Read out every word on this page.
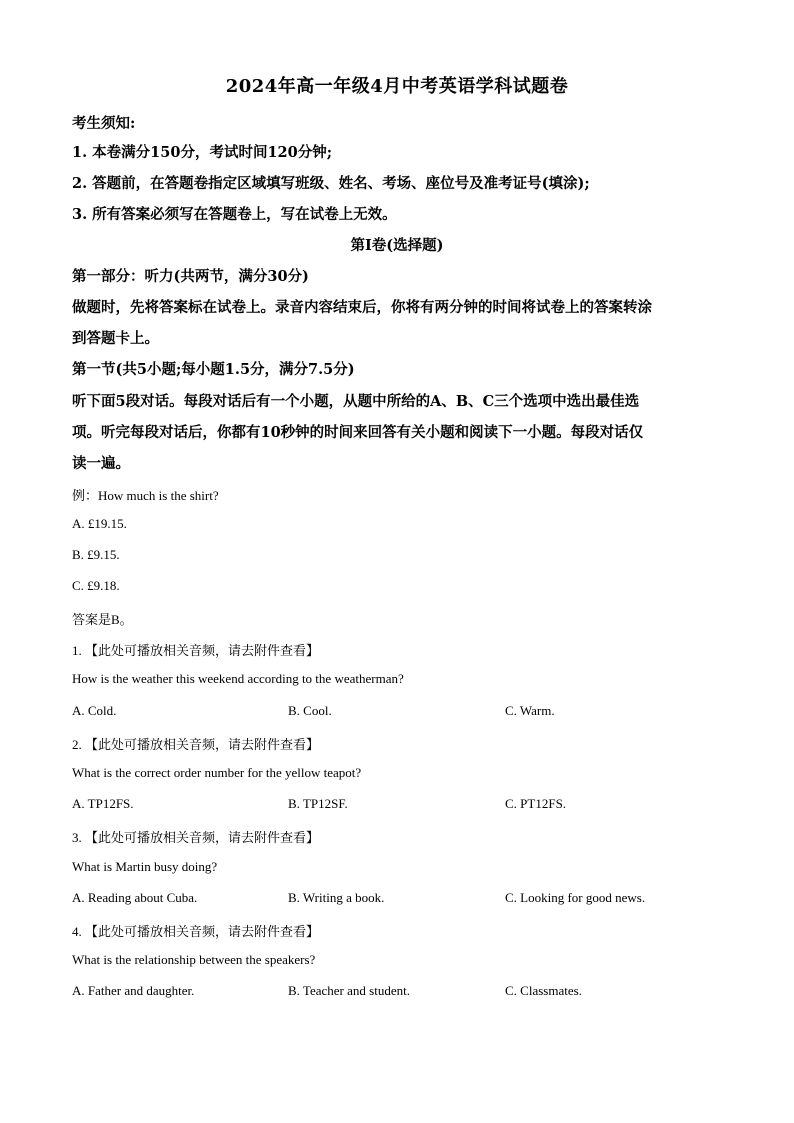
2024年高一年级4月中考英语学科试题卷
考生须知:
1. 本卷满分150分，考试时间120分钟;
2. 答题前，在答题卷指定区域填写班级、姓名、考场、座位号及准考证号(填涂);
3. 所有答案必须写在答题卷上，写在试卷上无效。
第Ⅰ卷(选择题)
第一部分：听力(共两节，满分30分)
做题时，先将答案标在试卷上。录音内容结束后，你将有两分钟的时间将试卷上的答案转涂
到答题卡上。
第一节(共5小题;每小题1.5分，满分7.5分)
听下面5段对话。每段对话后有一个小题，从题中所给的A、B、C三个选项中选出最佳选
项。听完每段对话后，你都有10秒钟的时间来回答有关小题和阅读下一小题。每段对话仅
读一遍。
例：How much is the shirt?
A. £19.15.
B. £9.15.
C. £9.18.
答案是B。
1. 【此处可播放相关音频，请去附件查看】
How is the weather this weekend according to the weatherman?
A. Cold.	B. Cool.	C. Warm.
2. 【此处可播放相关音频，请去附件查看】
What is the correct order number for the yellow teapot?
A. TP12FS.	B. TP12SF.	C. PT12FS.
3. 【此处可播放相关音频，请去附件查看】
What is Martin busy doing?
A. Reading about Cuba.	B. Writing a book.	C. Looking for good news.
4. 【此处可播放相关音频，请去附件查看】
What is the relationship between the speakers?
A. Father and daughter.	B. Teacher and student.	C. Classmates.
